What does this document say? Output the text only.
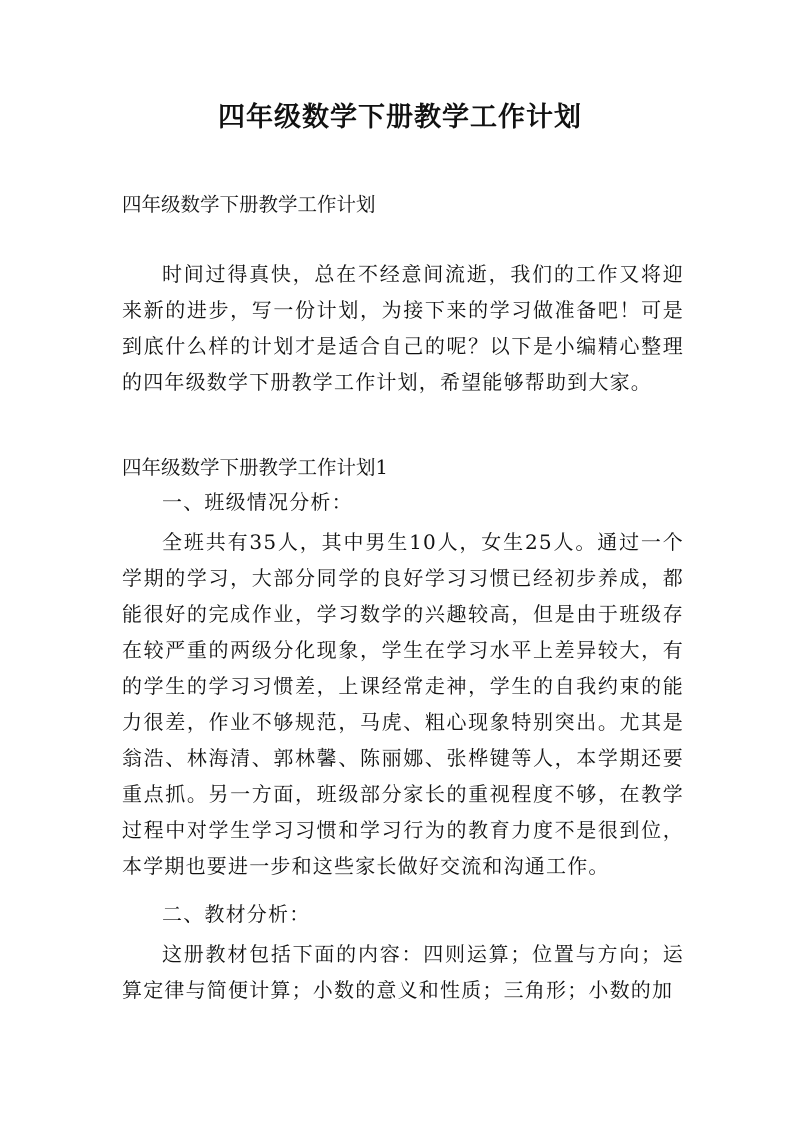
四年级数学下册教学工作计划

四年级数学下册教学工作计划

时间过得真快，总在不经意间流逝，我们的工作又将迎来新的进步，写一份计划，为接下来的学习做准备吧！可是到底什么样的计划才是适合自己的呢？以下是小编精心整理的四年级数学下册教学工作计划，希望能够帮助到大家。

四年级数学下册教学工作计划1

一、班级情况分析：

全班共有35人，其中男生10人，女生25人。通过一个学期的学习，大部分同学的良好学习习惯已经初步养成，都能很好的完成作业，学习数学的兴趣较高，但是由于班级存在较严重的两级分化现象，学生在学习水平上差异较大，有的学生的学习习惯差，上课经常走神，学生的自我约束的能力很差，作业不够规范，马虎、粗心现象特别突出。尤其是翁浩、林海清、郭林馨、陈丽娜、张桦键等人，本学期还要重点抓。另一方面，班级部分家长的重视程度不够，在教学过程中对学生学习习惯和学习行为的教育力度不是很到位，本学期也要进一步和这些家长做好交流和沟通工作。

二、教材分析：

这册教材包括下面的内容：四则运算；位置与方向；运算定律与简便计算；小数的意义和性质；三角形；小数的加
